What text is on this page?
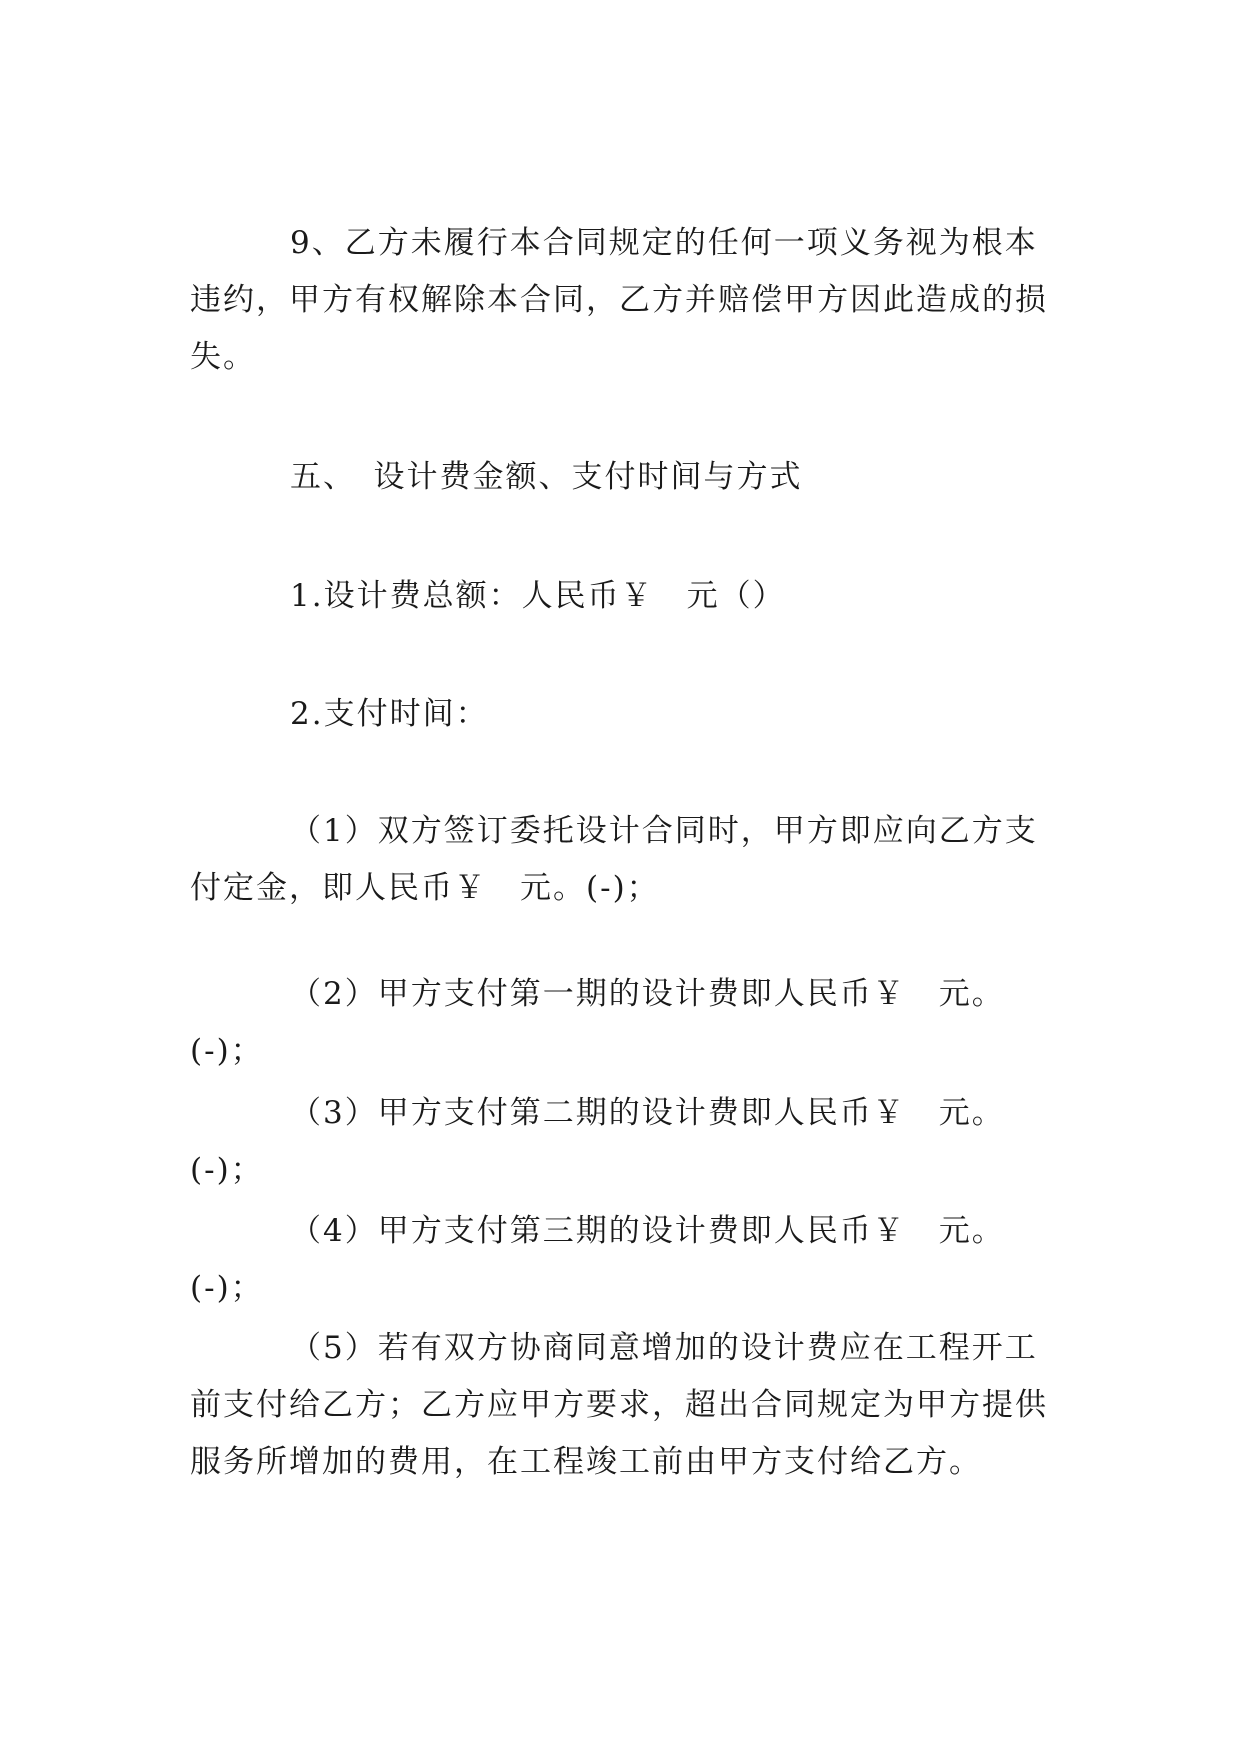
9、乙方未履行本合同规定的任何一项义务视为根本违约，甲方有权解除本合同，乙方并赔偿甲方因此造成的损失。

五、　设计费金额、支付时间与方式

1.设计费总额：人民币￥　元（）

2.支付时间：

（1）双方签订委托设计合同时，甲方即应向乙方支付定金，即人民币￥　元。(-)；

（2）甲方支付第一期的设计费即人民币￥　元。(-)；

（3）甲方支付第二期的设计费即人民币￥　元。(-)；

（4）甲方支付第三期的设计费即人民币￥　元。(-)；

（5）若有双方协商同意增加的设计费应在工程开工前支付给乙方；乙方应甲方要求，超出合同规定为甲方提供服务所增加的费用，在工程竣工前由甲方支付给乙方。
